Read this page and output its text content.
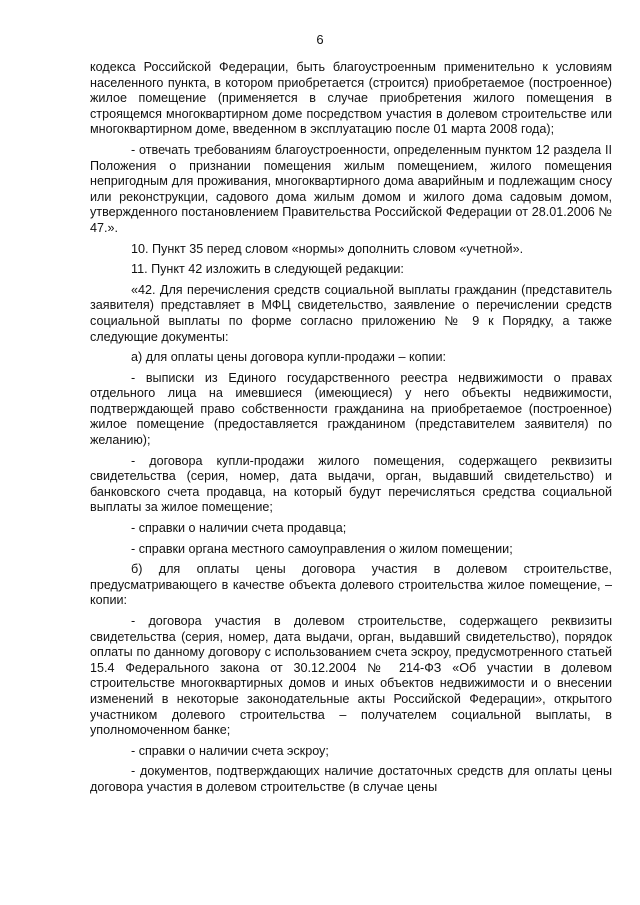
6

кодекса Российской Федерации, быть благоустроенным применительно к условиям населенного пункта, в котором приобретается (строится) приобретаемое (построенное) жилое помещение (применяется в случае приобретения жилого помещения в строящемся многоквартирном доме посредством участия в долевом строительстве или многоквартирном доме, введенном в эксплуатацию после 01 марта 2008 года);

- отвечать требованиям благоустроенности, определенным пунктом 12 раздела II Положения о признании помещения жилым помещением, жилого помещения непригодным для проживания, многоквартирного дома аварийным и подлежащим сносу или реконструкции, садового дома жилым домом и жилого дома садовым домом, утвержденного постановлением Правительства Российской Федерации от 28.01.2006 № 47.».

10. Пункт 35 перед словом «нормы» дополнить словом «учетной».

11. Пункт 42 изложить в следующей редакции:

«42. Для перечисления средств социальной выплаты гражданин (представитель заявителя) представляет в МФЦ свидетельство, заявление о перечислении средств социальной выплаты по форме согласно приложению № 9 к Порядку, а также следующие документы:

а) для оплаты цены договора купли-продажи – копии:

- выписки из Единого государственного реестра недвижимости о правах отдельного лица на имевшиеся (имеющиеся) у него объекты недвижимости, подтверждающей право собственности гражданина на приобретаемое (построенное) жилое помещение (предоставляется гражданином (представителем заявителя) по желанию);

- договора купли-продажи жилого помещения, содержащего реквизиты свидетельства (серия, номер, дата выдачи, орган, выдавший свидетельство) и банковского счета продавца, на который будут перечисляться средства социальной выплаты за жилое помещение;

- справки о наличии счета продавца;

- справки органа местного самоуправления о жилом помещении;

б) для оплаты цены договора участия в долевом строительстве, предусматривающего в качестве объекта долевого строительства жилое помещение, – копии:

- договора участия в долевом строительстве, содержащего реквизиты свидетельства (серия, номер, дата выдачи, орган, выдавший свидетельство), порядок оплаты по данному договору с использованием счета эскроу, предусмотренного статьей 15.4 Федерального закона от 30.12.2004 № 214-ФЗ «Об участии в долевом строительстве многоквартирных домов и иных объектов недвижимости и о внесении изменений в некоторые законодательные акты Российской Федерации», открытого участником долевого строительства – получателем социальной выплаты, в уполномоченном банке;

- справки о наличии счета эскроу;

- документов, подтверждающих наличие достаточных средств для оплаты цены договора участия в долевом строительстве (в случае цены
